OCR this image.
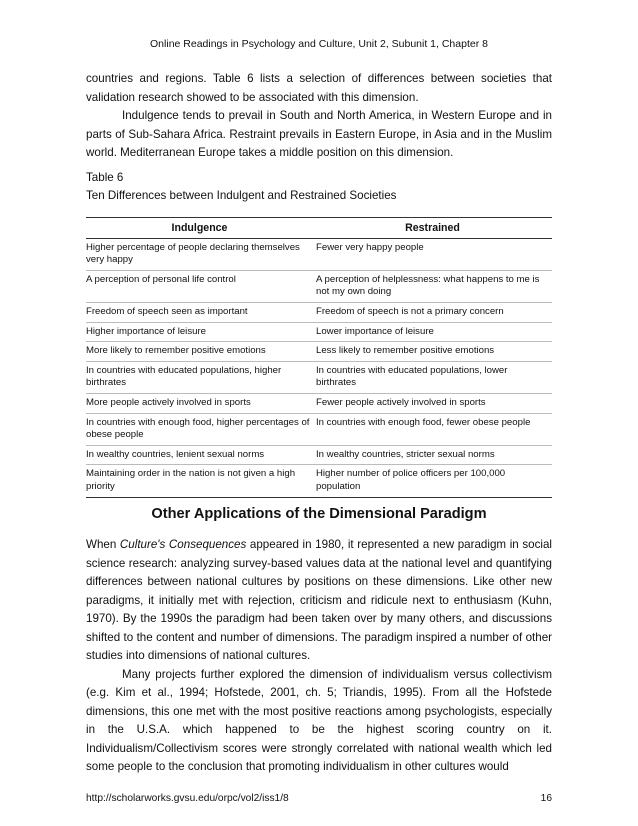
Online Readings in Psychology and Culture, Unit 2, Subunit 1, Chapter 8

countries and regions. Table 6 lists a selection of differences between societies that validation research showed to be associated with this dimension.

Indulgence tends to prevail in South and North America, in Western Europe and in parts of Sub-Sahara Africa. Restraint prevails in Eastern Europe, in Asia and in the Muslim world. Mediterranean Europe takes a middle position on this dimension.

Table 6
Ten Differences between Indulgent and Restrained Societies
Indulgence	Restrained
Higher percentage of people declaring themselves very happy	Fewer very happy people
A perception of personal life control	A perception of helplessness: what happens to me is not my own doing
Freedom of speech seen as important	Freedom of speech is not a primary concern
Higher importance of leisure	Lower importance of leisure
More likely to remember positive emotions	Less likely to remember positive emotions
In countries with educated populations, higher birthrates	In countries with educated populations, lower birthrates
More people actively involved in sports	Fewer people actively involved in sports
In countries with enough food, higher percentages of obese people	In countries with enough food, fewer obese people
In wealthy countries, lenient sexual norms	In wealthy countries, stricter sexual norms
Maintaining order in the nation is not given a high priority	Higher number of police officers per 100,000 population
Other Applications of the Dimensional Paradigm

When Culture's Consequences appeared in 1980, it represented a new paradigm in social science research: analyzing survey-based values data at the national level and quantifying differences between national cultures by positions on these dimensions. Like other new paradigms, it initially met with rejection, criticism and ridicule next to enthusiasm (Kuhn, 1970). By the 1990s the paradigm had been taken over by many others, and discussions shifted to the content and number of dimensions. The paradigm inspired a number of other studies into dimensions of national cultures.

Many projects further explored the dimension of individualism versus collectivism (e.g. Kim et al., 1994; Hofstede, 2001, ch. 5; Triandis, 1995). From all the Hofstede dimensions, this one met with the most positive reactions among psychologists, especially in the U.S.A. which happened to be the highest scoring country on it. Individualism/Collectivism scores were strongly correlated with national wealth which led some people to the conclusion that promoting individualism in other cultures would

http://scholarworks.gvsu.edu/orpc/vol2/iss1/8	16
